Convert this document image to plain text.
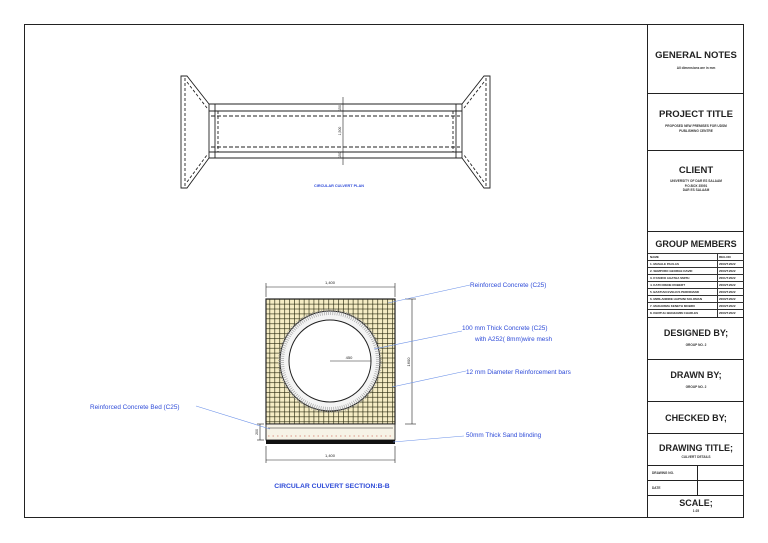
150
1,500
150
CIRCULAR CULVERT PLAN
1,400
450
1600
200
1,400
Reinforced Concrete (C25)
100 mm Thick Concrete (C25)
with A252( 8mm)wire mesh
12 mm Diameter Reinforcement bars
Reinforced Concrete Bed (C25)
50mm Thick Sand blinding
CIRCULAR CULVERT SECTION:B-B
GENERAL NOTES
All dimensions are in mm
PROJECT TITLE
PROPOSED NEW PREMISES FOR UDSM
PUBLISHING CENTRE
CLIENT
UNIVERSITY OF DAR ES SALAAM
P.O.BOX 35091
DAR ES SALAAM
GROUP MEMBERS
NAME	REG.NO
1. MASALE PAULAS	2000/T.2022
2. SEMPURO GEORGE DAVID	2000/T.2022
3. KYANDO AGATHA SMITH	2001/T.2022
4. KATO IRENE ROBERT	2000/T.2022
5. BASTIAN EVELIUS PERDINAND	2000/T.2022
6. MWILANINDE HAPSINI SOLOMAN	2000/T.2022
7. MAKARIMA KENETH MOBRU	2000/T.2022
8. KENTULI BENJAMIN CHARLES	2000/T.2022
DESIGNED BY;
GROUP NO. 2
DRAWN BY;
GROUP NO. 2
CHECKED BY;
DRAWING TITLE;
CULVERT DETAILS
DRAWING NO.
DATE
SCALE;
1:25
